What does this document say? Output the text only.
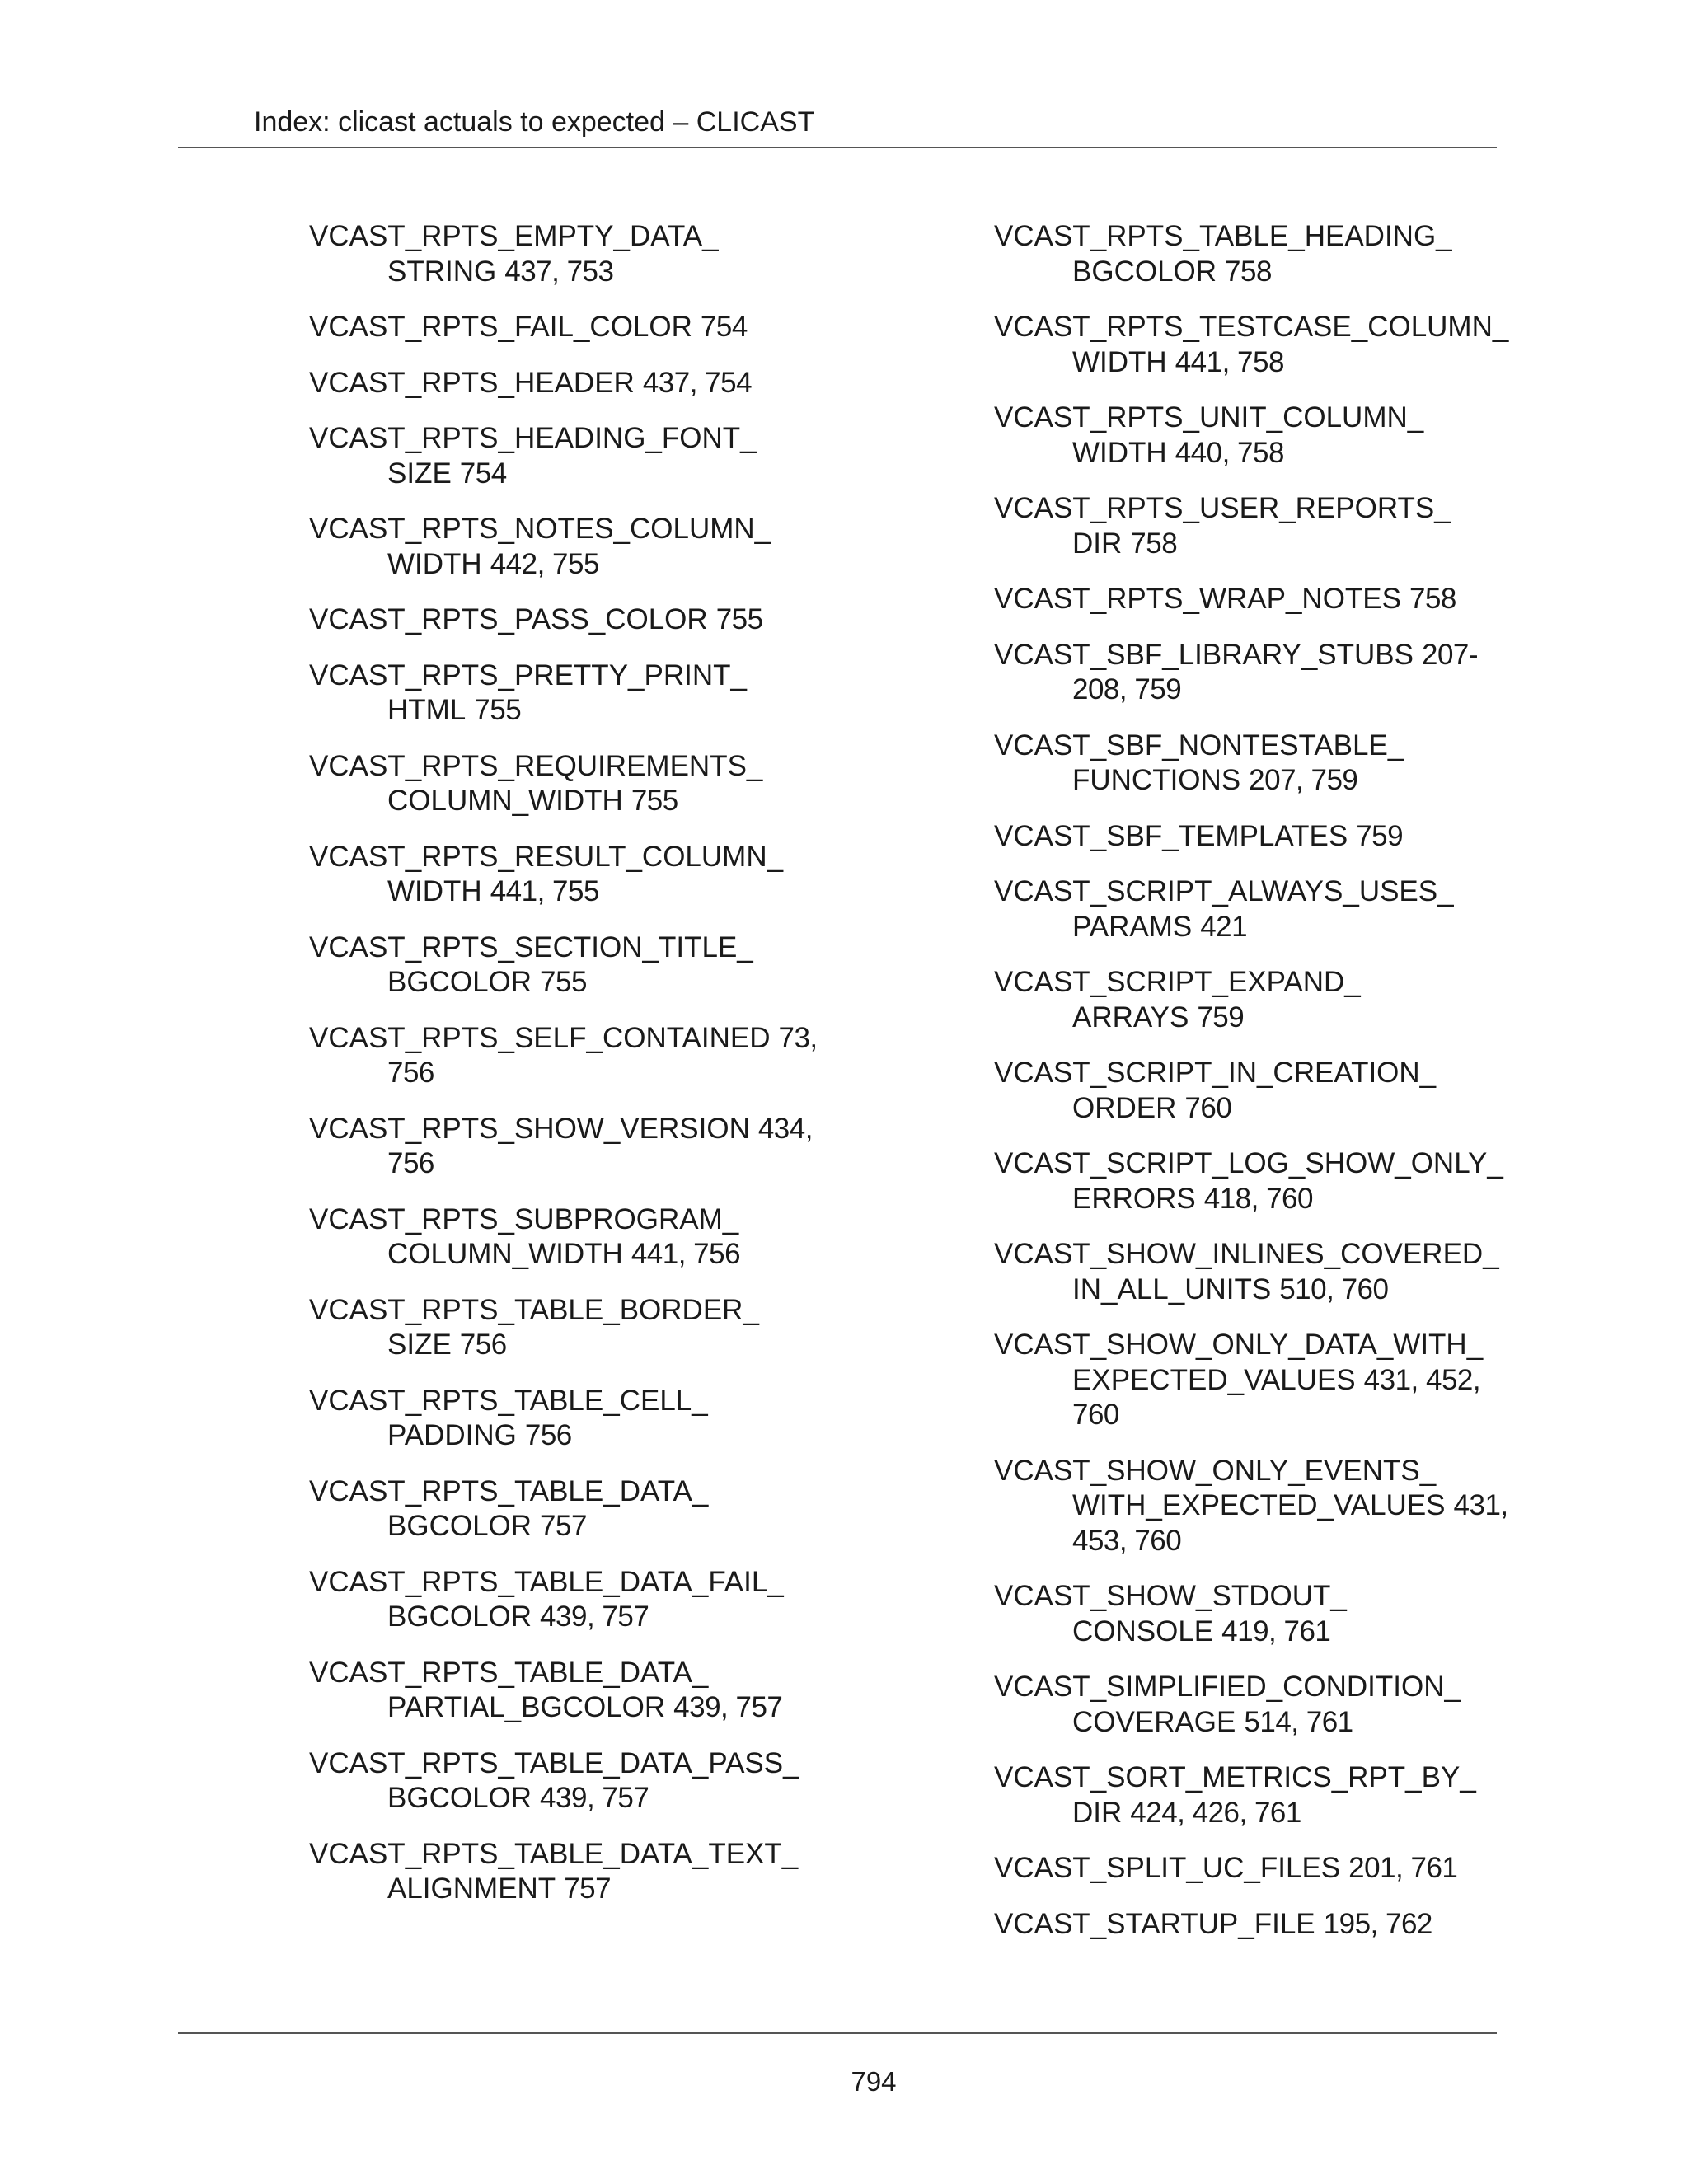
Index: clicast actuals to expected – CLICAST
VCAST_RPTS_EMPTY_DATA_
STRING 437, 753
VCAST_RPTS_FAIL_COLOR 754
VCAST_RPTS_HEADER 437, 754
VCAST_RPTS_HEADING_FONT_
SIZE 754
VCAST_RPTS_NOTES_COLUMN_
WIDTH 442, 755
VCAST_RPTS_PASS_COLOR 755
VCAST_RPTS_PRETTY_PRINT_
HTML 755
VCAST_RPTS_REQUIREMENTS_
COLUMN_WIDTH 755
VCAST_RPTS_RESULT_COLUMN_
WIDTH 441, 755
VCAST_RPTS_SECTION_TITLE_
BGCOLOR 755
VCAST_RPTS_SELF_CONTAINED 73,
756
VCAST_RPTS_SHOW_VERSION 434,
756
VCAST_RPTS_SUBPROGRAM_
COLUMN_WIDTH 441, 756
VCAST_RPTS_TABLE_BORDER_
SIZE 756
VCAST_RPTS_TABLE_CELL_
PADDING 756
VCAST_RPTS_TABLE_DATA_
BGCOLOR 757
VCAST_RPTS_TABLE_DATA_FAIL_
BGCOLOR 439, 757
VCAST_RPTS_TABLE_DATA_
PARTIAL_BGCOLOR 439, 757
VCAST_RPTS_TABLE_DATA_PASS_
BGCOLOR 439, 757
VCAST_RPTS_TABLE_DATA_TEXT_
ALIGNMENT 757
VCAST_RPTS_TABLE_HEADING_
BGCOLOR 758
VCAST_RPTS_TESTCASE_COLUMN_
WIDTH 441, 758
VCAST_RPTS_UNIT_COLUMN_
WIDTH 440, 758
VCAST_RPTS_USER_REPORTS_
DIR 758
VCAST_RPTS_WRAP_NOTES 758
VCAST_SBF_LIBRARY_STUBS 207-
208, 759
VCAST_SBF_NONTESTABLE_
FUNCTIONS 207, 759
VCAST_SBF_TEMPLATES 759
VCAST_SCRIPT_ALWAYS_USES_
PARAMS 421
VCAST_SCRIPT_EXPAND_
ARRAYS 759
VCAST_SCRIPT_IN_CREATION_
ORDER 760
VCAST_SCRIPT_LOG_SHOW_ONLY_
ERRORS 418, 760
VCAST_SHOW_INLINES_COVERED_
IN_ALL_UNITS 510, 760
VCAST_SHOW_ONLY_DATA_WITH_
EXPECTED_VALUES 431, 452,
760
VCAST_SHOW_ONLY_EVENTS_
WITH_EXPECTED_VALUES 431,
453, 760
VCAST_SHOW_STDOUT_
CONSOLE 419, 761
VCAST_SIMPLIFIED_CONDITION_
COVERAGE 514, 761
VCAST_SORT_METRICS_RPT_BY_
DIR 424, 426, 761
VCAST_SPLIT_UC_FILES 201, 761
VCAST_STARTUP_FILE 195, 762
794
